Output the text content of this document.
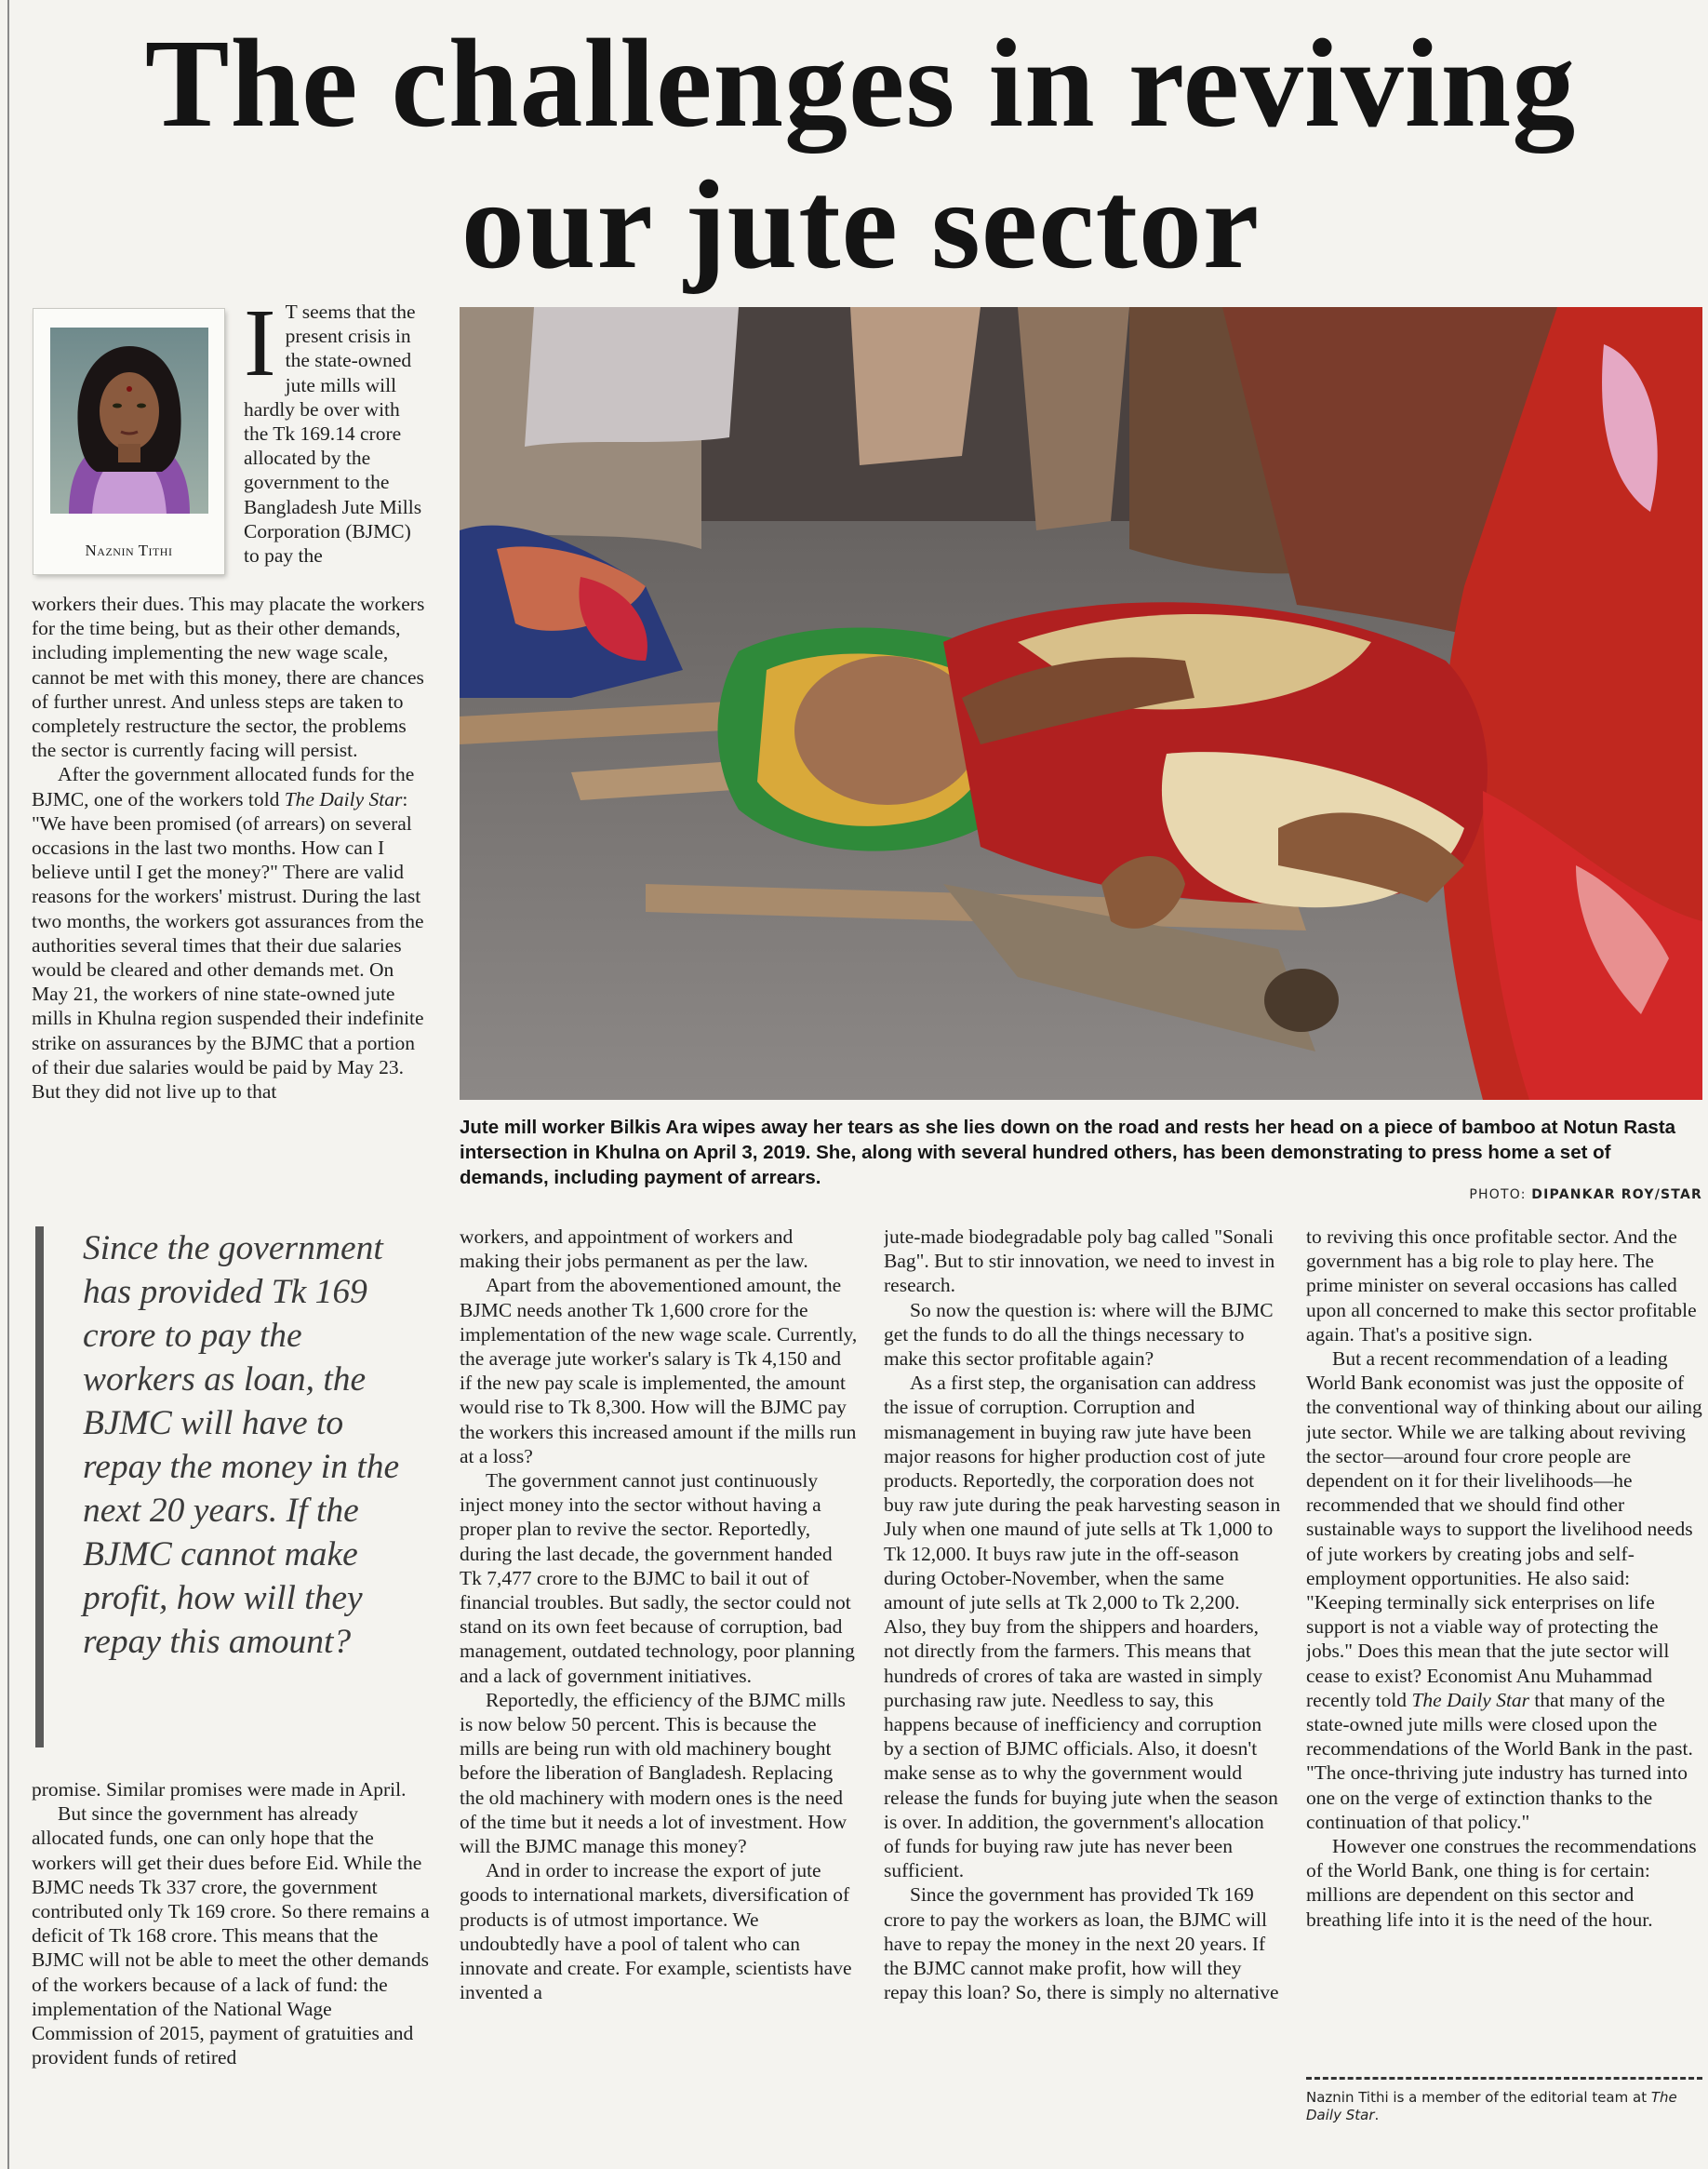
The challenges in reviving
our jute sector
Naznin Tithi

I T seems that the present crisis in the state-owned jute mills will hardly be over with the Tk 169.14 crore allocated by the government to the Bangladesh Jute Mills Corporation (BJMC) to pay the

workers their dues. This may placate the workers for the time being, but as their other demands, including implementing the new wage scale, cannot be met with this money, there are chances of further unrest. And unless steps are taken to completely restructure the sector, the problems the sector is currently facing will persist.

After the government allocated funds for the BJMC, one of the workers told The Daily Star: "We have been promised (of arrears) on several occasions in the last two months. How can I believe until I get the money?" There are valid reasons for the workers' mistrust. During the last two months, the workers got assurances from the authorities several times that their due salaries would be cleared and other demands met. On May 21, the workers of nine state-owned jute mills in Khulna region suspended their indefinite strike on assurances by the BJMC that a portion of their due salaries would be paid by May 23. But they did not live up to that

Jute mill worker Bilkis Ara wipes away her tears as she lies down on the road and rests her head on a piece of bamboo at Notun Rasta intersection in Khulna on April 3, 2019. She, along with several hundred others, has been demonstrating to press home a set of demands, including payment of arrears.
PHOTO: DIPANKAR ROY/STAR
Since the government has provided Tk 169 crore to pay the workers as loan, the BJMC will have to repay the money in the next 20 years. If the BJMC cannot make profit, how will they repay this amount?

promise. Similar promises were made in April.

But since the government has already allocated funds, one can only hope that the workers will get their dues before Eid. While the BJMC needs Tk 337 crore, the government contributed only Tk 169 crore. So there remains a deficit of Tk 168 crore. This means that the BJMC will not be able to meet the other demands of the workers because of a lack of fund: the implementation of the National Wage Commission of 2015, payment of gratuities and provident funds of retired

workers, and appointment of workers and making their jobs permanent as per the law.

Apart from the abovementioned amount, the BJMC needs another Tk 1,600 crore for the implementation of the new wage scale. Currently, the average jute worker's salary is Tk 4,150 and if the new pay scale is implemented, the amount would rise to Tk 8,300. How will the BJMC pay the workers this increased amount if the mills run at a loss?

The government cannot just continuously inject money into the sector without having a proper plan to revive the sector. Reportedly, during the last decade, the government handed Tk 7,477 crore to the BJMC to bail it out of financial troubles. But sadly, the sector could not stand on its own feet because of corruption, bad management, outdated technology, poor planning and a lack of government initiatives.

Reportedly, the efficiency of the BJMC mills is now below 50 percent. This is because the mills are being run with old machinery bought before the liberation of Bangladesh. Replacing the old machinery with modern ones is the need of the time but it needs a lot of investment. How will the BJMC manage this money?

And in order to increase the export of jute goods to international markets, diversification of products is of utmost importance. We undoubtedly have a pool of talent who can innovate and create. For example, scientists have invented a

jute-made biodegradable poly bag called "Sonali Bag". But to stir innovation, we need to invest in research.

So now the question is: where will the BJMC get the funds to do all the things necessary to make this sector profitable again?

As a first step, the organisation can address the issue of corruption. Corruption and mismanagement in buying raw jute have been major reasons for higher production cost of jute products. Reportedly, the corporation does not buy raw jute during the peak harvesting season in July when one maund of jute sells at Tk 1,000 to Tk 12,000. It buys raw jute in the off-season during October-November, when the same amount of jute sells at Tk 2,000 to Tk 2,200. Also, they buy from the shippers and hoarders, not directly from the farmers. This means that hundreds of crores of taka are wasted in simply purchasing raw jute. Needless to say, this happens because of inefficiency and corruption by a section of BJMC officials. Also, it doesn't make sense as to why the government would release the funds for buying jute when the season is over. In addition, the government's allocation of funds for buying raw jute has never been sufficient.

Since the government has provided Tk 169 crore to pay the workers as loan, the BJMC will have to repay the money in the next 20 years. If the BJMC cannot make profit, how will they repay this loan? So, there is simply no alternative

to reviving this once profitable sector. And the government has a big role to play here. The prime minister on several occasions has called upon all concerned to make this sector profitable again. That's a positive sign.

But a recent recommendation of a leading World Bank economist was just the opposite of the conventional way of thinking about our ailing jute sector. While we are talking about reviving the sector—around four crore people are dependent on it for their livelihoods—he recommended that we should find other sustainable ways to support the livelihood needs of jute workers by creating jobs and self-employment opportunities. He also said: "Keeping terminally sick enterprises on life support is not a viable way of protecting the jobs." Does this mean that the jute sector will cease to exist? Economist Anu Muhammad recently told The Daily Star that many of the state-owned jute mills were closed upon the recommendations of the World Bank in the past. "The once-thriving jute industry has turned into one on the verge of extinction thanks to the continuation of that policy."

However one construes the recommendations of the World Bank, one thing is for certain: millions are dependent on this sector and breathing life into it is the need of the hour.

Naznin Tithi is a member of the editorial team at The Daily Star.
